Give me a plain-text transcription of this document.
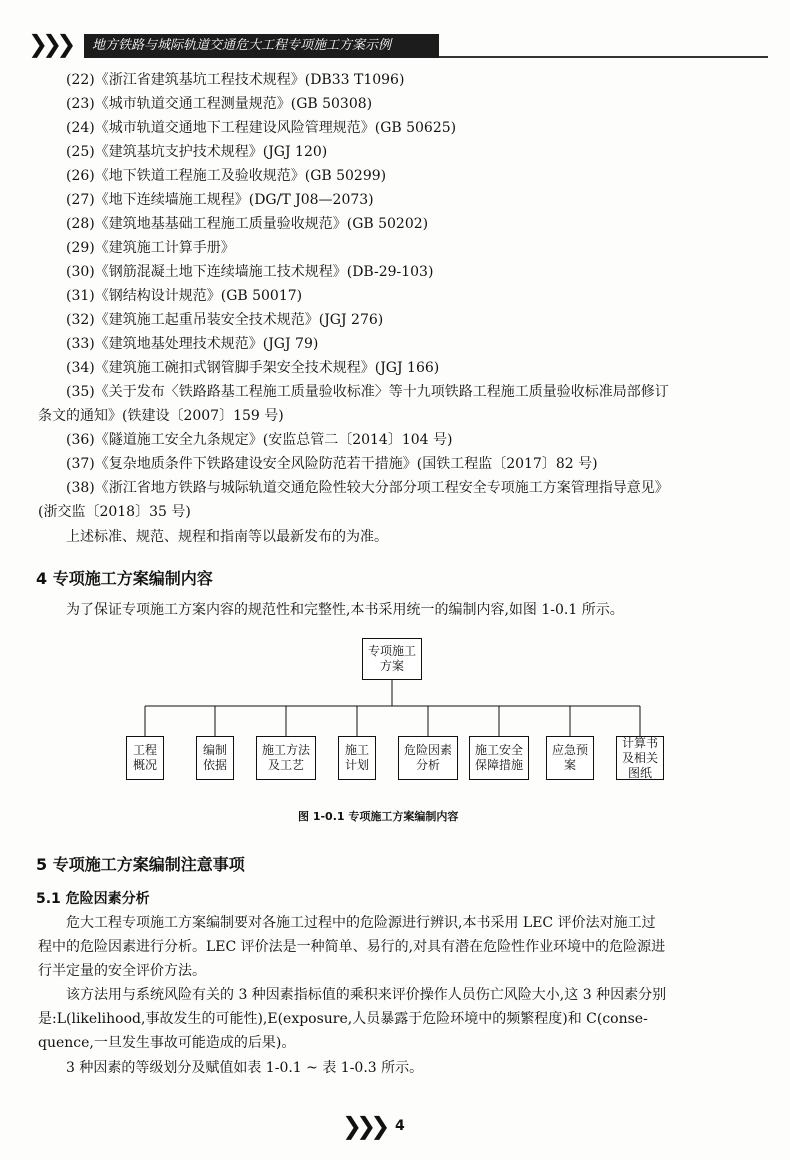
❯❯❯	地方铁路与城际轨道交通危大工程专项施工方案示例
(22)《浙江省建筑基坑工程技术规程》(DB33 T1096)
(23)《城市轨道交通工程测量规范》(GB 50308)
(24)《城市轨道交通地下工程建设风险管理规范》(GB 50625)
(25)《建筑基坑支护技术规程》(JGJ 120)
(26)《地下铁道工程施工及验收规范》(GB 50299)
(27)《地下连续墙施工规程》(DG/T J08—2073)
(28)《建筑地基基础工程施工质量验收规范》(GB 50202)
(29)《建筑施工计算手册》
(30)《钢筋混凝土地下连续墙施工技术规程》(DB-29-103)
(31)《钢结构设计规范》(GB 50017)
(32)《建筑施工起重吊装安全技术规范》(JGJ 276)
(33)《建筑地基处理技术规范》(JGJ 79)
(34)《建筑施工碗扣式钢管脚手架安全技术规程》(JGJ 166)
(35)《关于发布〈铁路路基工程施工质量验收标准〉等十九项铁路工程施工质量验收标准局部修订
条文的通知》(铁建设〔2007〕159 号)
(36)《隧道施工安全九条规定》(安监总管二〔2014〕104 号)
(37)《复杂地质条件下铁路建设安全风险防范若干措施》(国铁工程监〔2017〕82 号)
(38)《浙江省地方铁路与城际轨道交通危险性较大分部分项工程安全专项施工方案管理指导意见》
(浙交监〔2018〕35 号)
上述标准、规范、规程和指南等以最新发布的为准。
4 专项施工方案编制内容
为了保证专项施工方案内容的规范性和完整性,本书采用统一的编制内容,如图 1-0.1 所示。
专项施工方案
工程概况
编制依据
施工方法及工艺
施工计划
危险因素分析
施工安全保障措施
应急预案
计算书及相关图纸
图 1-0.1 专项施工方案编制内容
5 专项施工方案编制注意事项
5.1 危险因素分析
危大工程专项施工方案编制要对各施工过程中的危险源进行辨识,本书采用 LEC 评价法对施工过
程中的危险因素进行分析。LEC 评价法是一种简单、易行的,对具有潜在危险性作业环境中的危险源进
行半定量的安全评价方法。
该方法用与系统风险有关的 3 种因素指标值的乘积来评价操作人员伤亡风险大小,这 3 种因素分别
是:L(likelihood,事故发生的可能性),E(exposure,人员暴露于危险环境中的频繁程度)和 C(conse-
quence,一旦发生事故可能造成的后果)。
3 种因素的等级划分及赋值如表 1-0.1 ~ 表 1-0.3 所示。
❯❯❯ 4
